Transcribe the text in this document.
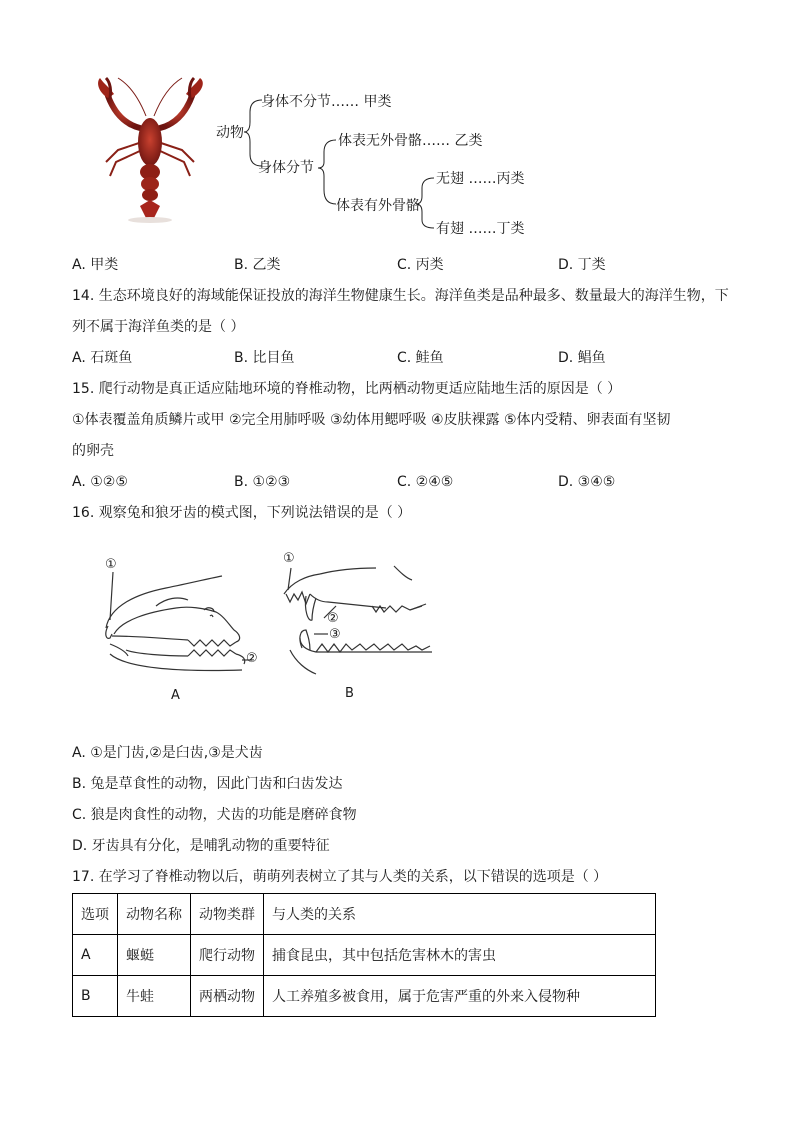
动物
身体不分节…… 甲类
身体分节
体表无外骨骼…… 乙类
体表有外骨骼
无翅 ……丙类
有翅 ……丁类
A. 甲类	B. 乙类	C. 丙类	D. 丁类
14. 生态环境良好的海域能保证投放的海洋生物健康生长。海洋鱼类是品种最多、数量最大的海洋生物，下
列不属于海洋鱼类的是（ ）
A. 石斑鱼	B. 比目鱼	C. 鲑鱼	D. 鲳鱼
15. 爬行动物是真正适应陆地环境的脊椎动物，比两栖动物更适应陆地生活的原因是（ ）
①体表覆盖角质鳞片或甲 ②完全用肺呼吸 ③幼体用鳃呼吸 ④皮肤裸露 ⑤体内受精、卵表面有坚韧
的卵壳
A. ①②⑤	B. ①②③	C. ②④⑤	D. ③④⑤
16. 观察兔和狼牙齿的模式图，下列说法错误的是（ ）
①
②
A
①
②
③
B
A. ①是门齿,②是臼齿,③是犬齿
B. 兔是草食性的动物，因此门齿和臼齿发达
C. 狼是肉食性的动物，犬齿的功能是磨碎食物
D. 牙齿具有分化，是哺乳动物的重要特征
17. 在学习了脊椎动物以后，萌萌列表树立了其与人类的关系，以下错误的选项是（ ）
选项	动物名称	动物类群	与人类的关系
A	蝘蜓	爬行动物	捕食昆虫，其中包括危害林木的害虫
B	牛蛙	两栖动物	人工养殖多被食用，属于危害严重的外来入侵物种
